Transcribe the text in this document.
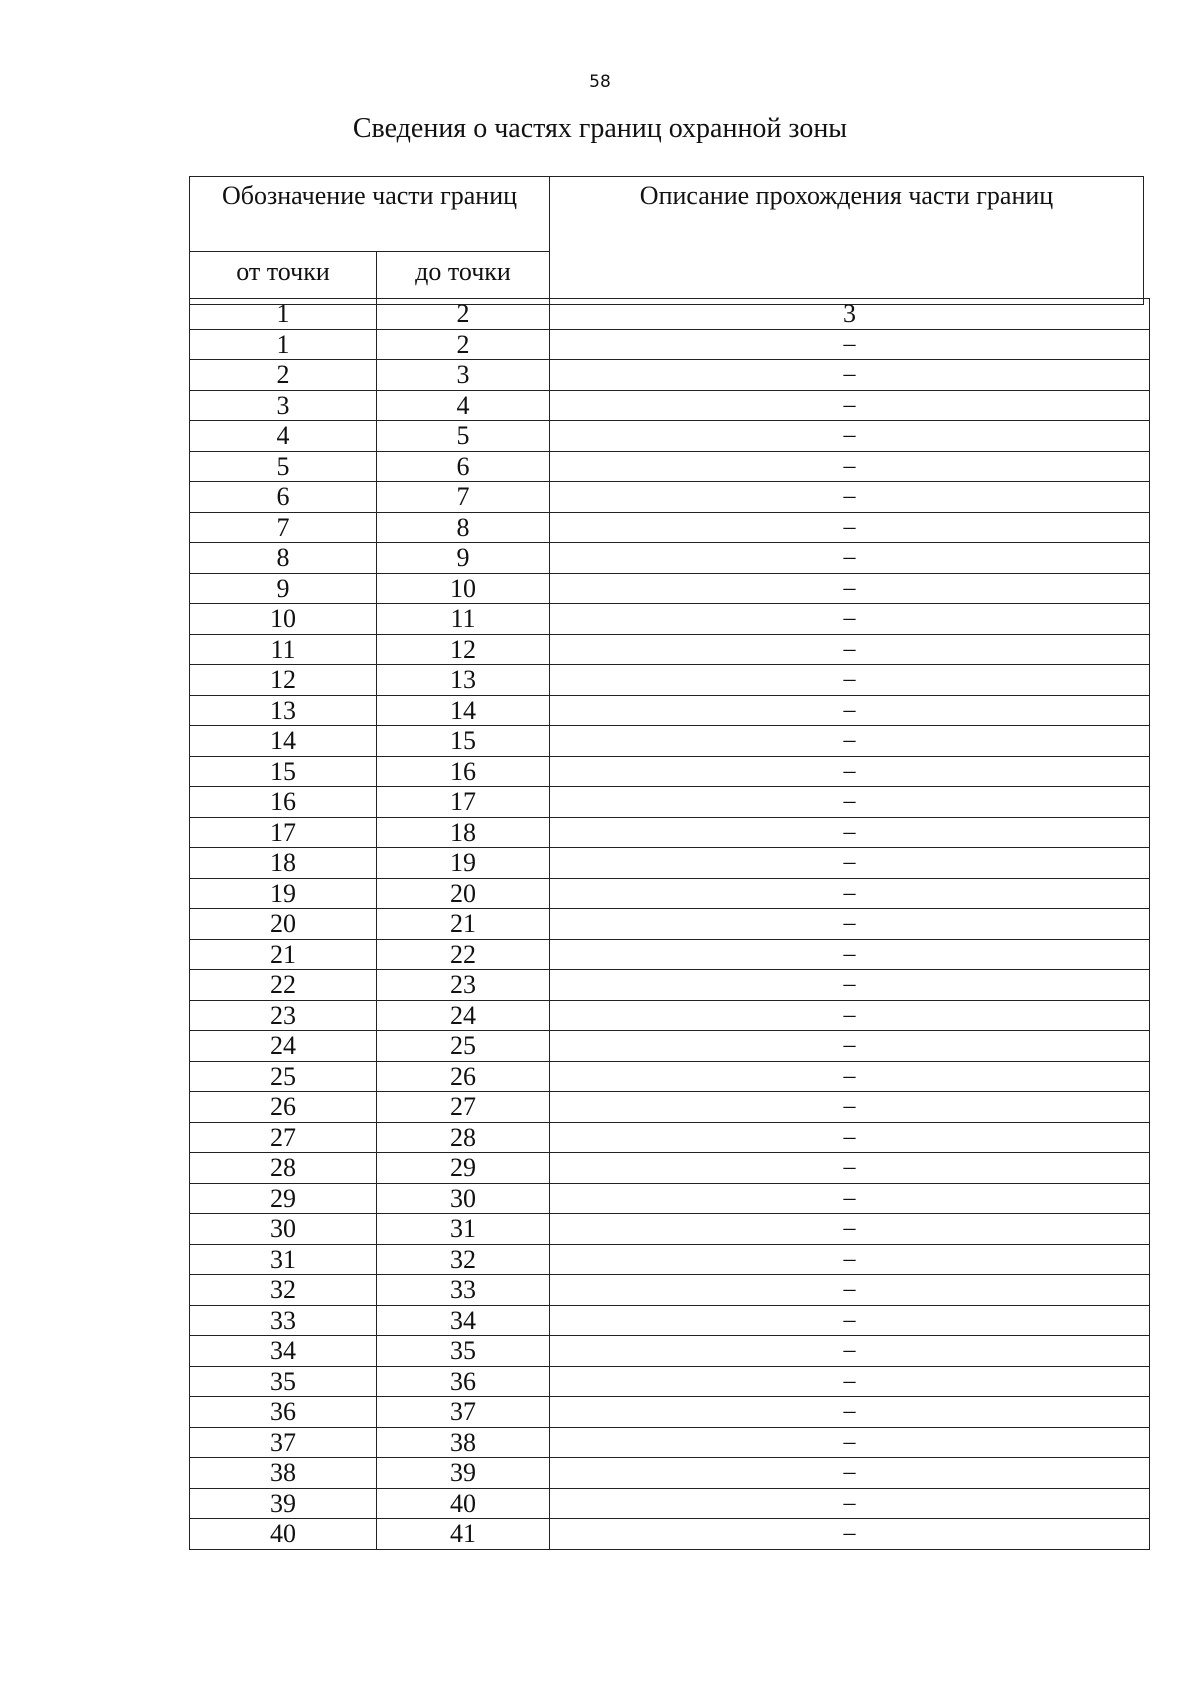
58
Сведения о частях границ охранной зоны
Обозначение части границ		Описание прохождения части границ
от точки	до точки	
1	2	3
1	2	–
2	3	–
3	4	–
4	5	–
5	6	–
6	7	–
7	8	–
8	9	–
9	10	–
10	11	–
11	12	–
12	13	–
13	14	–
14	15	–
15	16	–
16	17	–
17	18	–
18	19	–
19	20	–
20	21	–
21	22	–
22	23	–
23	24	–
24	25	–
25	26	–
26	27	–
27	28	–
28	29	–
29	30	–
30	31	–
31	32	–
32	33	–
33	34	–
34	35	–
35	36	–
36	37	–
37	38	–
38	39	–
39	40	–
40	41	–
